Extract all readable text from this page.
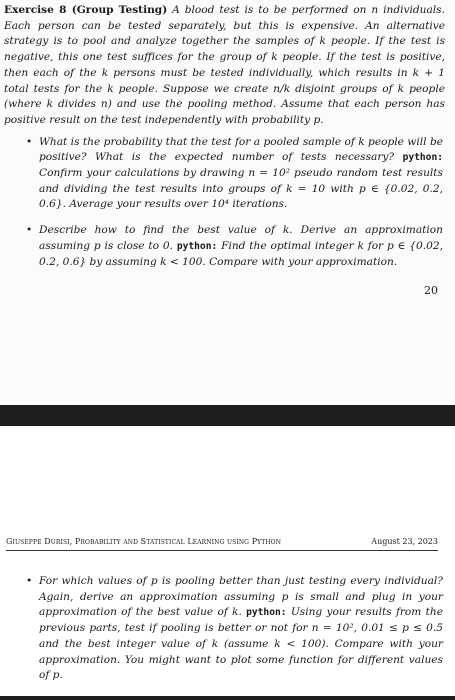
Exercise 8 (Group Testing) A blood test is to be performed on n individuals. Each person can be tested separately, but this is expensive. An alternative strategy is to pool and analyze together the samples of k people. If the test is negative, this one test suffices for the group of k people. If the test is positive, then each of the k persons must be tested individually, which results in k + 1 total tests for the k people. Suppose we create n/k disjoint groups of k people (where k divides n) and use the pooling method. Assume that each person has positive result on the test independently with probability p.

• What is the probability that the test for a pooled sample of k people will be positive? What is the expected number of tests necessary? python: Confirm your calculations by drawing n = 10² pseudo random test results and dividing the test results into groups of k = 10 with p ∈ {0.02, 0.2, 0.6}. Average your results over 10⁴ iterations.
• Describe how to find the best value of k. Derive an approximation assuming p is close to 0. python: Find the optimal integer k for p ∈ {0.02, 0.2, 0.6} by assuming k < 100. Compare with your approximation.
20
Giuseppe Durisi, Probability and Statistical Learning using Python	August 23, 2023
• For which values of p is pooling better than just testing every individual? Again, derive an approximation assuming p is small and plug in your approximation of the best value of k. python: Using your results from the previous parts, test if pooling is better or not for n = 10², 0.01 ≤ p ≤ 0.5 and the best integer value of k (assume k < 100). Compare with your approximation. You might want to plot some function for different values of p.
